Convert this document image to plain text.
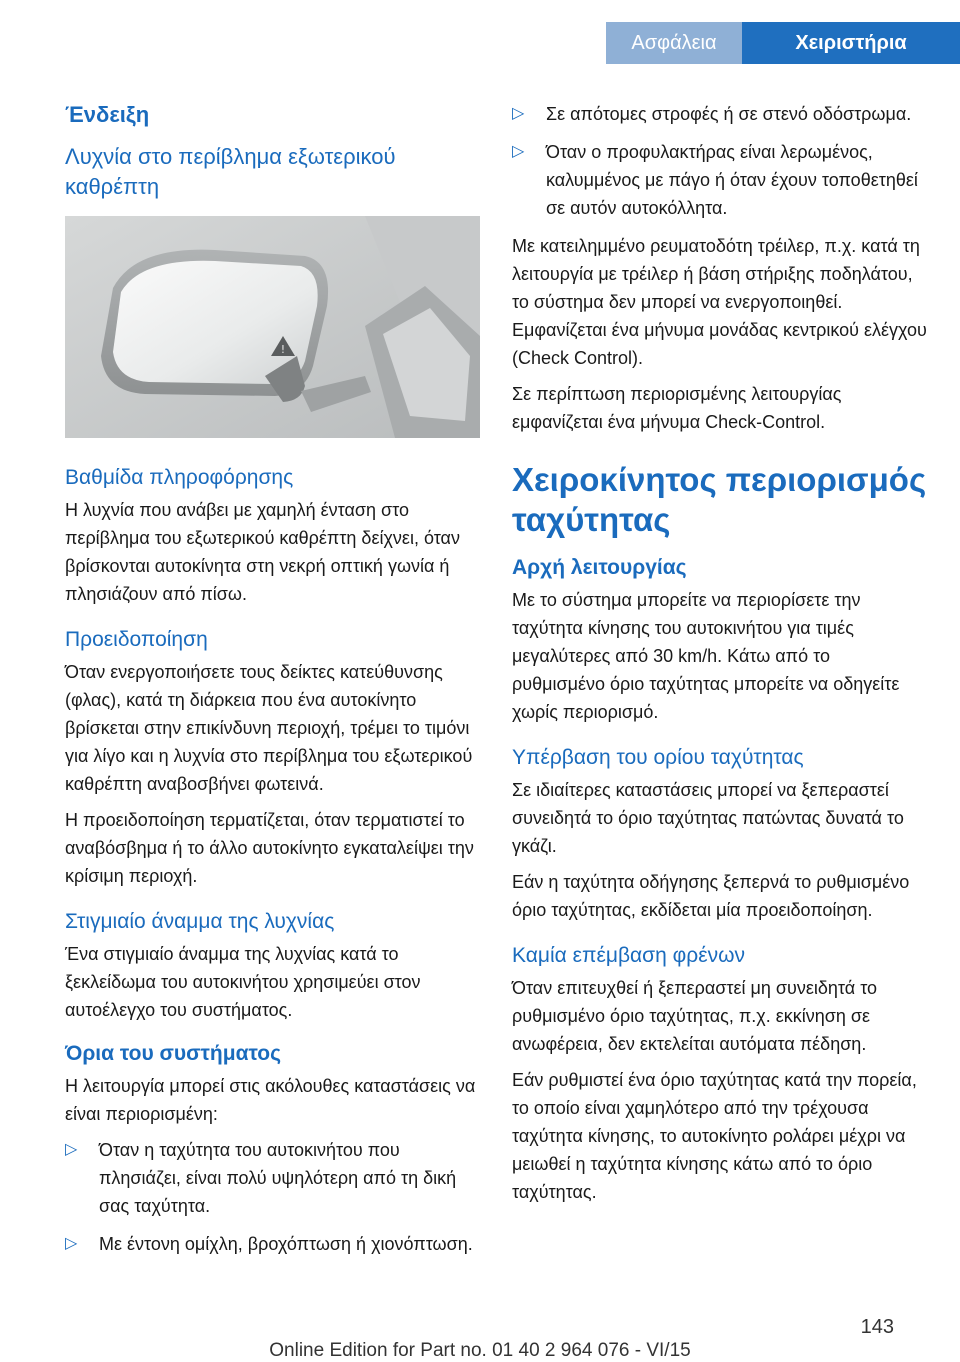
Ασφάλεια	Χειριστήρια
Ένδειξη
Λυχνία στο περίβλημα εξωτερικού καθρέπτη
!
Βαθμίδα πληροφόρησης

Η λυχνία που ανάβει με χαμηλή ένταση στο περίβλημα του εξωτερικού καθρέπτη δείχνει, όταν βρίσκονται αυτοκίνητα στη νεκρή οπτική γωνία ή πλησιάζουν από πίσω.

Προειδοποίηση

Όταν ενεργοποιήσετε τους δείκτες κατεύθυνσης (φλας), κατά τη διάρκεια που ένα αυτοκίνητο βρίσκεται στην επικίνδυνη περιοχή, τρέμει το τιμόνι για λίγο και η λυχνία στο περίβλημα του εξωτερικού καθρέπτη αναβοσβήνει φωτεινά.

Η προειδοποίηση τερματίζεται, όταν τερματιστεί το αναβόσβημα ή το άλλο αυτοκίνητο εγκαταλείψει την κρίσιμη περιοχή.

Στιγμιαίο άναμμα της λυχνίας

Ένα στιγμιαίο άναμμα της λυχνίας κατά το ξεκλείδωμα του αυτοκινήτου χρησιμεύει στον αυτοέλεγχο του συστήματος.

Όρια του συστήματος

Η λειτουργία μπορεί στις ακόλουθες καταστάσεις να είναι περιορισμένη:

▷ Όταν η ταχύτητα του αυτοκινήτου που πλησιάζει, είναι πολύ υψηλότερη από τη δική σας ταχύτητα.
▷ Με έντονη ομίχλη, βροχόπτωση ή χιονόπτωση.
▷ Σε απότομες στροφές ή σε στενό οδόστρωμα.
▷ Όταν ο προφυλακτήρας είναι λερωμένος, καλυμμένος με πάγο ή όταν έχουν τοποθετηθεί σε αυτόν αυτοκόλλητα.

Με κατειλημμένο ρευματοδότη τρέιλερ, π.χ. κατά τη λειτουργία με τρέιλερ ή βάση στήριξης ποδηλάτου, το σύστημα δεν μπορεί να ενεργοποιηθεί. Εμφανίζεται ένα μήνυμα μονάδας κεντρικού ελέγχου (Check Control).

Σε περίπτωση περιορισμένης λειτουργίας εμφανίζεται ένα μήνυμα Check-Control.

Χειροκίνητος περιορισμός ταχύτητας
Αρχή λειτουργίας

Με το σύστημα μπορείτε να περιορίσετε την ταχύτητα κίνησης του αυτοκινήτου για τιμές μεγαλύτερες από 30 km/h. Κάτω από το ρυθμισμένο όριο ταχύτητας μπορείτε να οδηγείτε χωρίς περιορισμό.

Υπέρβαση του ορίου ταχύτητας

Σε ιδιαίτερες καταστάσεις μπορεί να ξεπεραστεί συνειδητά το όριο ταχύτητας πατώντας δυνατά το γκάζι.

Εάν η ταχύτητα οδήγησης ξεπερνά το ρυθμισμένο όριο ταχύτητας, εκδίδεται μία προειδοποίηση.

Καμία επέμβαση φρένων

Όταν επιτευχθεί ή ξεπεραστεί μη συνειδητά το ρυθμισμένο όριο ταχύτητας, π.χ. εκκίνηση σε ανωφέρεια, δεν εκτελείται αυτόματα πέδηση.

Εάν ρυθμιστεί ένα όριο ταχύτητας κατά την πορεία, το οποίο είναι χαμηλότερο από την τρέχουσα ταχύτητα κίνησης, το αυτοκίνητο ρολάρει μέχρι να μειωθεί η ταχύτητα κίνησης κάτω από το όριο ταχύτητας.

143
Online Edition for Part no. 01 40 2 964 076 - VI/15
